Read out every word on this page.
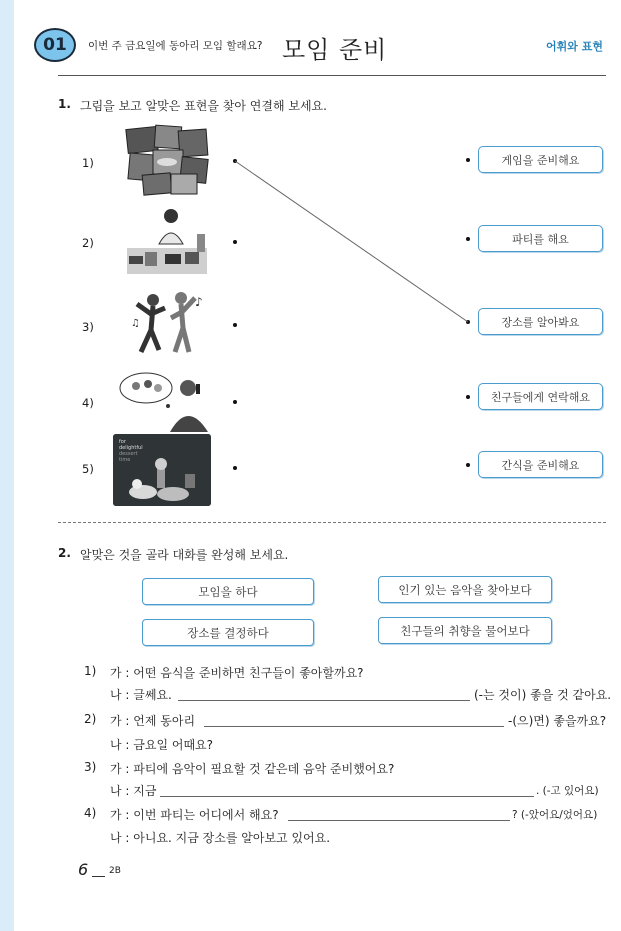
01	이번 주 금요일에 동아리 모임 할래요? 모임 준비	어휘와 표현
1. 그림을 보고 알맞은 표현을 찾아 연결해 보세요.
1)
2)
3)
4)
5)
♪
♫
for
delightful
dessert
time
게임을 준비해요
파티를 해요
장소를 알아봐요
친구들에게 연락해요
간식을 준비해요
2. 알맞은 것을 골라 대화를 완성해 보세요.
모임을 하다	인기 있는 음악을 찾아보다
장소를 결정하다	친구들의 취향을 물어보다
1) 가 : 어떤 음식을 준비하면 친구들이 좋아할까요?
나 : 글쎄요.	(-는 것이) 좋을 것 같아요.
2) 가 : 언제 동아리	-(으)면) 좋을까요?
나 : 금요일 어때요?
3) 가 : 파티에 음악이 필요할 것 같은데 음악 준비했어요?
나 : 지금	. (-고 있어요)
4) 가 : 이번 파티는 어디에서 해요?	? (-았어요/었어요)
나 : 아니요. 지금 장소를 알아보고 있어요.
6 2B
